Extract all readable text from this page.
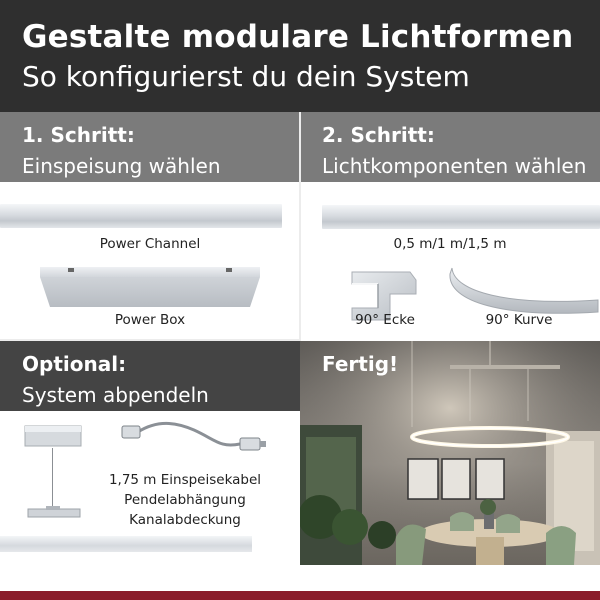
Gestalte modulare Lichtformen
So konfigurierst du dein System
1. Schritt:
Einspeisung wählen
2. Schritt:
Lichtkomponenten wählen
Power Channel
Power Box
0,5 m/1 m/1,5 m
90° Ecke	90° Kurve
Optional:
System abpendeln
1,75 m Einspeisekabel
Pendelabhängung
Kanalabdeckung
Fertig!
